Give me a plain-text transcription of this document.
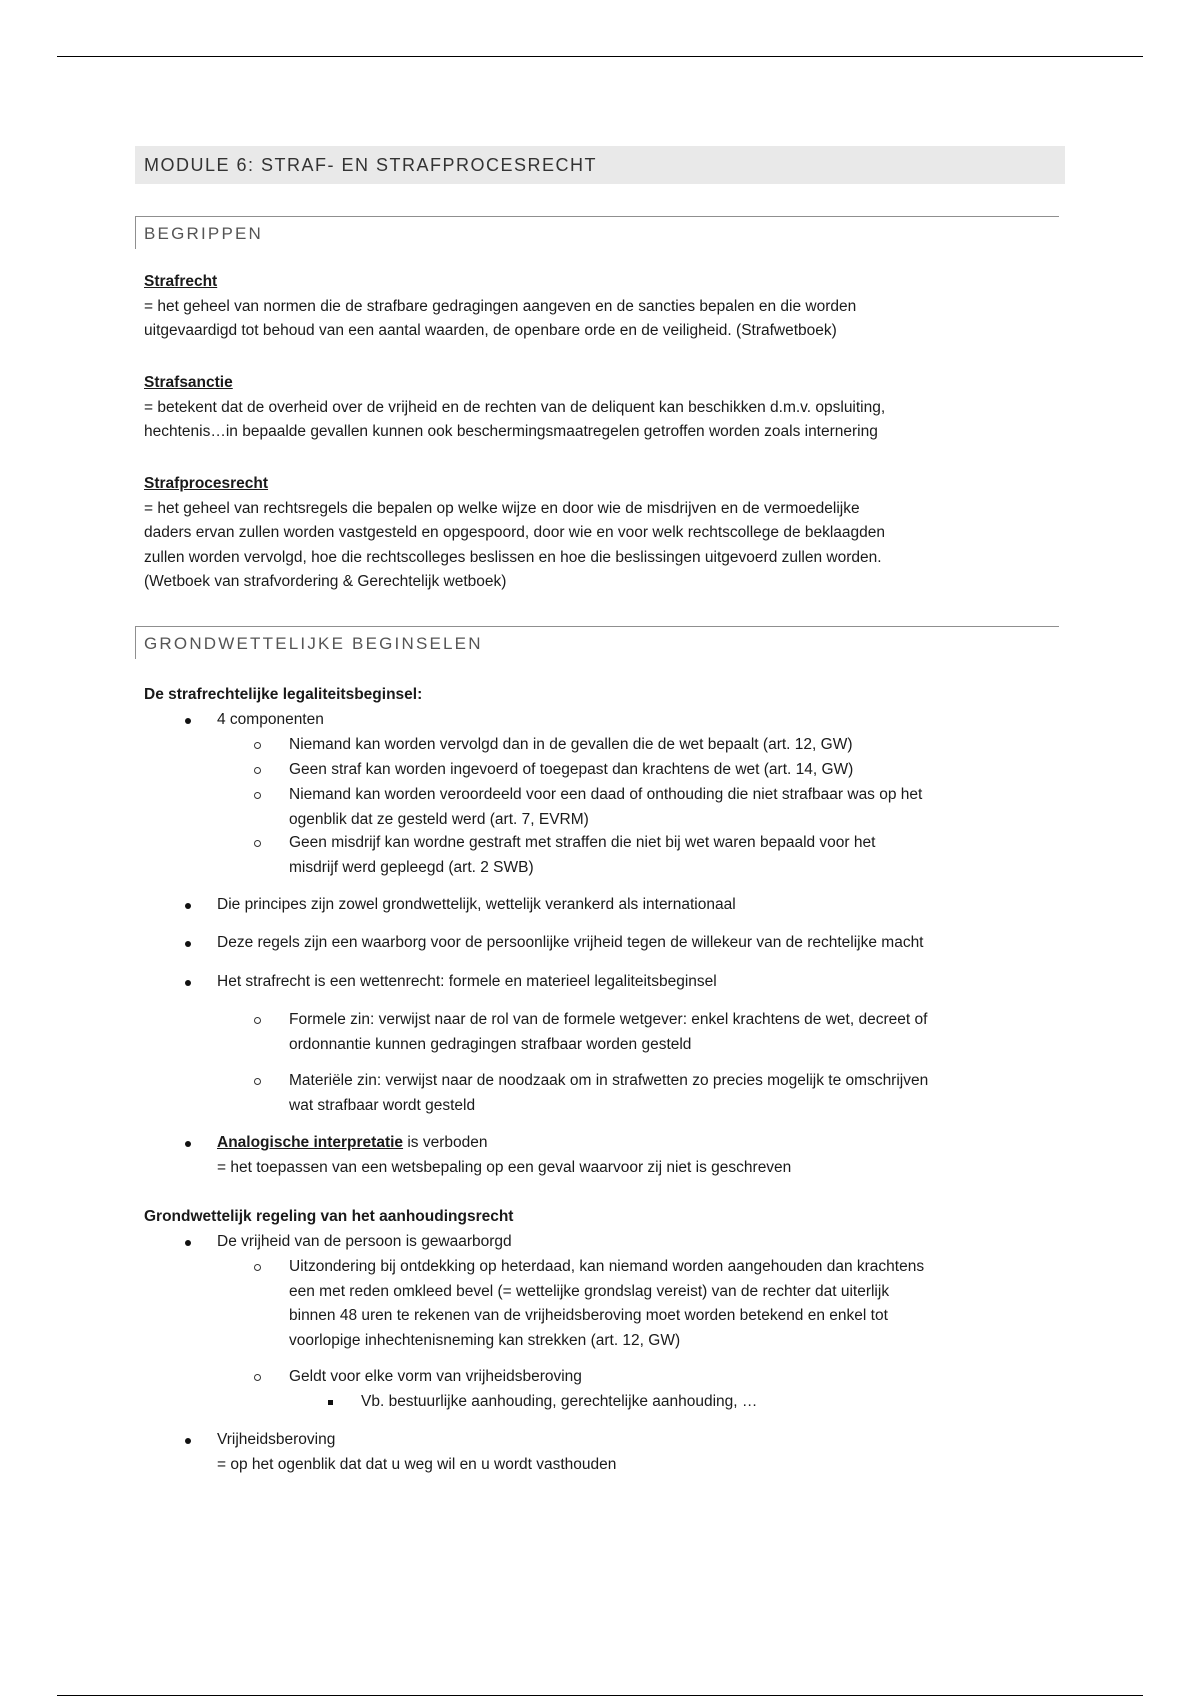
MODULE 6: STRAF- EN STRAFPROCESRECHT
BEGRIPPEN
Strafrecht
= het geheel van normen die de strafbare gedragingen aangeven en de sancties bepalen en die worden
uitgevaardigd tot behoud van een aantal waarden, de openbare orde en de veiligheid. (Strafwetboek)
Strafsanctie
= betekent dat de overheid over de vrijheid en de rechten van de deliquent kan beschikken d.m.v. opsluiting,
hechtenis…in bepaalde gevallen kunnen ook beschermingsmaatregelen getroffen worden zoals internering
Strafprocesrecht
= het geheel van rechtsregels die bepalen op welke wijze en door wie de misdrijven en de vermoedelijke
daders ervan zullen worden vastgesteld en opgespoord, door wie en voor welk rechtscollege de beklaagden
zullen worden vervolgd, hoe die rechtscolleges beslissen en hoe die beslissingen uitgevoerd zullen worden.
(Wetboek van strafvordering & Gerechtelijk wetboek)
GRONDWETTELIJKE BEGINSELEN
De strafrechtelijke legaliteitsbeginsel:
4 componenten
Niemand kan worden vervolgd dan in de gevallen die de wet bepaalt (art. 12, GW)
Geen straf kan worden ingevoerd of toegepast dan krachtens de wet (art. 14, GW)
Niemand kan worden veroordeeld voor een daad of onthouding die niet strafbaar was op het
ogenblik dat ze gesteld werd (art. 7, EVRM)
Geen misdrijf kan wordne gestraft met straffen die niet bij wet waren bepaald voor het
misdrijf werd gepleegd (art. 2 SWB)
Die principes zijn zowel grondwettelijk, wettelijk verankerd als internationaal
Deze regels zijn een waarborg voor de persoonlijke vrijheid tegen de willekeur van de rechtelijke macht
Het strafrecht is een wettenrecht: formele en materieel legaliteitsbeginsel
Formele zin: verwijst naar de rol van de formele wetgever: enkel krachtens de wet, decreet of
ordonnantie kunnen gedragingen strafbaar worden gesteld
Materiële zin: verwijst naar de noodzaak om in strafwetten zo precies mogelijk te omschrijven
wat strafbaar wordt gesteld
Analogische interpretatie is verboden
= het toepassen van een wetsbepaling op een geval waarvoor zij niet is geschreven
Grondwettelijk regeling van het aanhoudingsrecht
De vrijheid van de persoon is gewaarborgd
Uitzondering bij ontdekking op heterdaad, kan niemand worden aangehouden dan krachtens
een met reden omkleed bevel (= wettelijke grondslag vereist) van de rechter dat uiterlijk
binnen 48 uren te rekenen van de vrijheidsberoving moet worden betekend en enkel tot
voorlopige inhechtenisneming kan strekken (art. 12, GW)
Geldt voor elke vorm van vrijheidsberoving
Vb. bestuurlijke aanhouding, gerechtelijke aanhouding, …
Vrijheidsberoving
= op het ogenblik dat dat u weg wil en u wordt vasthouden
